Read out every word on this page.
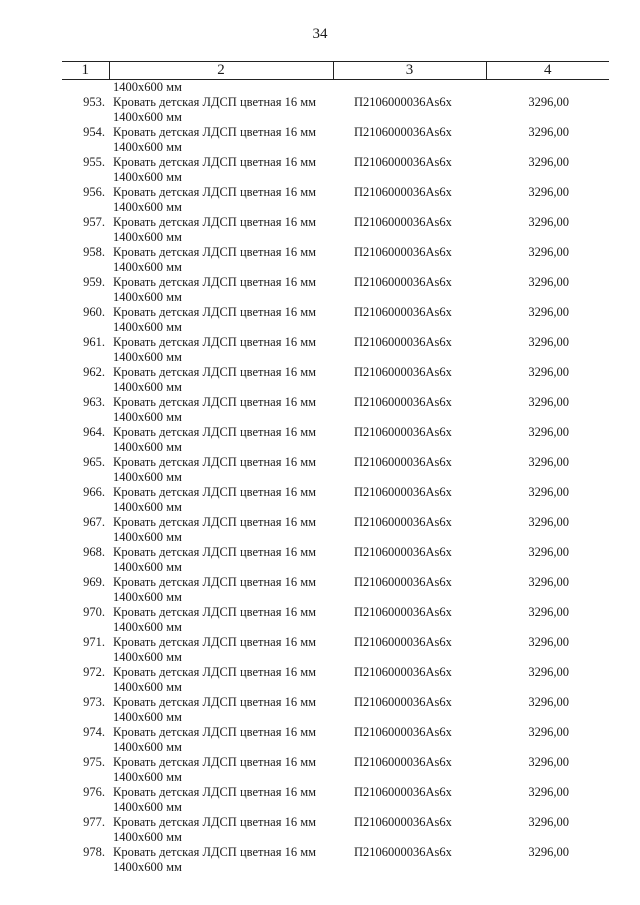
34
1	2	3	4
	1400х600 мм		
953.	Кровать детская ЛДСП цветная 16 мм
1400х600 мм	П2106000036Аs6х	3296,00
954.	Кровать детская ЛДСП цветная 16 мм
1400х600 мм	П2106000036Аs6х	3296,00
955.	Кровать детская ЛДСП цветная 16 мм
1400х600 мм	П2106000036Аs6х	3296,00
956.	Кровать детская ЛДСП цветная 16 мм
1400х600 мм	П2106000036Аs6х	3296,00
957.	Кровать детская ЛДСП цветная 16 мм
1400х600 мм	П2106000036Аs6х	3296,00
958.	Кровать детская ЛДСП цветная 16 мм
1400х600 мм	П2106000036Аs6х	3296,00
959.	Кровать детская ЛДСП цветная 16 мм
1400х600 мм	П2106000036Аs6х	3296,00
960.	Кровать детская ЛДСП цветная 16 мм
1400х600 мм	П2106000036Аs6х	3296,00
961.	Кровать детская ЛДСП цветная 16 мм
1400х600 мм	П2106000036Аs6х	3296,00
962.	Кровать детская ЛДСП цветная 16 мм
1400х600 мм	П2106000036Аs6х	3296,00
963.	Кровать детская ЛДСП цветная 16 мм
1400х600 мм	П2106000036Аs6х	3296,00
964.	Кровать детская ЛДСП цветная 16 мм
1400х600 мм	П2106000036Аs6х	3296,00
965.	Кровать детская ЛДСП цветная 16 мм
1400х600 мм	П2106000036Аs6х	3296,00
966.	Кровать детская ЛДСП цветная 16 мм
1400х600 мм	П2106000036Аs6х	3296,00
967.	Кровать детская ЛДСП цветная 16 мм
1400х600 мм	П2106000036Аs6х	3296,00
968.	Кровать детская ЛДСП цветная 16 мм
1400х600 мм	П2106000036Аs6х	3296,00
969.	Кровать детская ЛДСП цветная 16 мм
1400х600 мм	П2106000036Аs6х	3296,00
970.	Кровать детская ЛДСП цветная 16 мм
1400х600 мм	П2106000036Аs6х	3296,00
971.	Кровать детская ЛДСП цветная 16 мм
1400х600 мм	П2106000036Аs6х	3296,00
972.	Кровать детская ЛДСП цветная 16 мм
1400х600 мм	П2106000036Аs6х	3296,00
973.	Кровать детская ЛДСП цветная 16 мм
1400х600 мм	П2106000036Аs6х	3296,00
974.	Кровать детская ЛДСП цветная 16 мм
1400х600 мм	П2106000036Аs6х	3296,00
975.	Кровать детская ЛДСП цветная 16 мм
1400х600 мм	П2106000036Аs6х	3296,00
976.	Кровать детская ЛДСП цветная 16 мм
1400х600 мм	П2106000036Аs6х	3296,00
977.	Кровать детская ЛДСП цветная 16 мм
1400х600 мм	П2106000036Аs6х	3296,00
978.	Кровать детская ЛДСП цветная 16 мм
1400х600 мм	П2106000036Аs6х	3296,00
